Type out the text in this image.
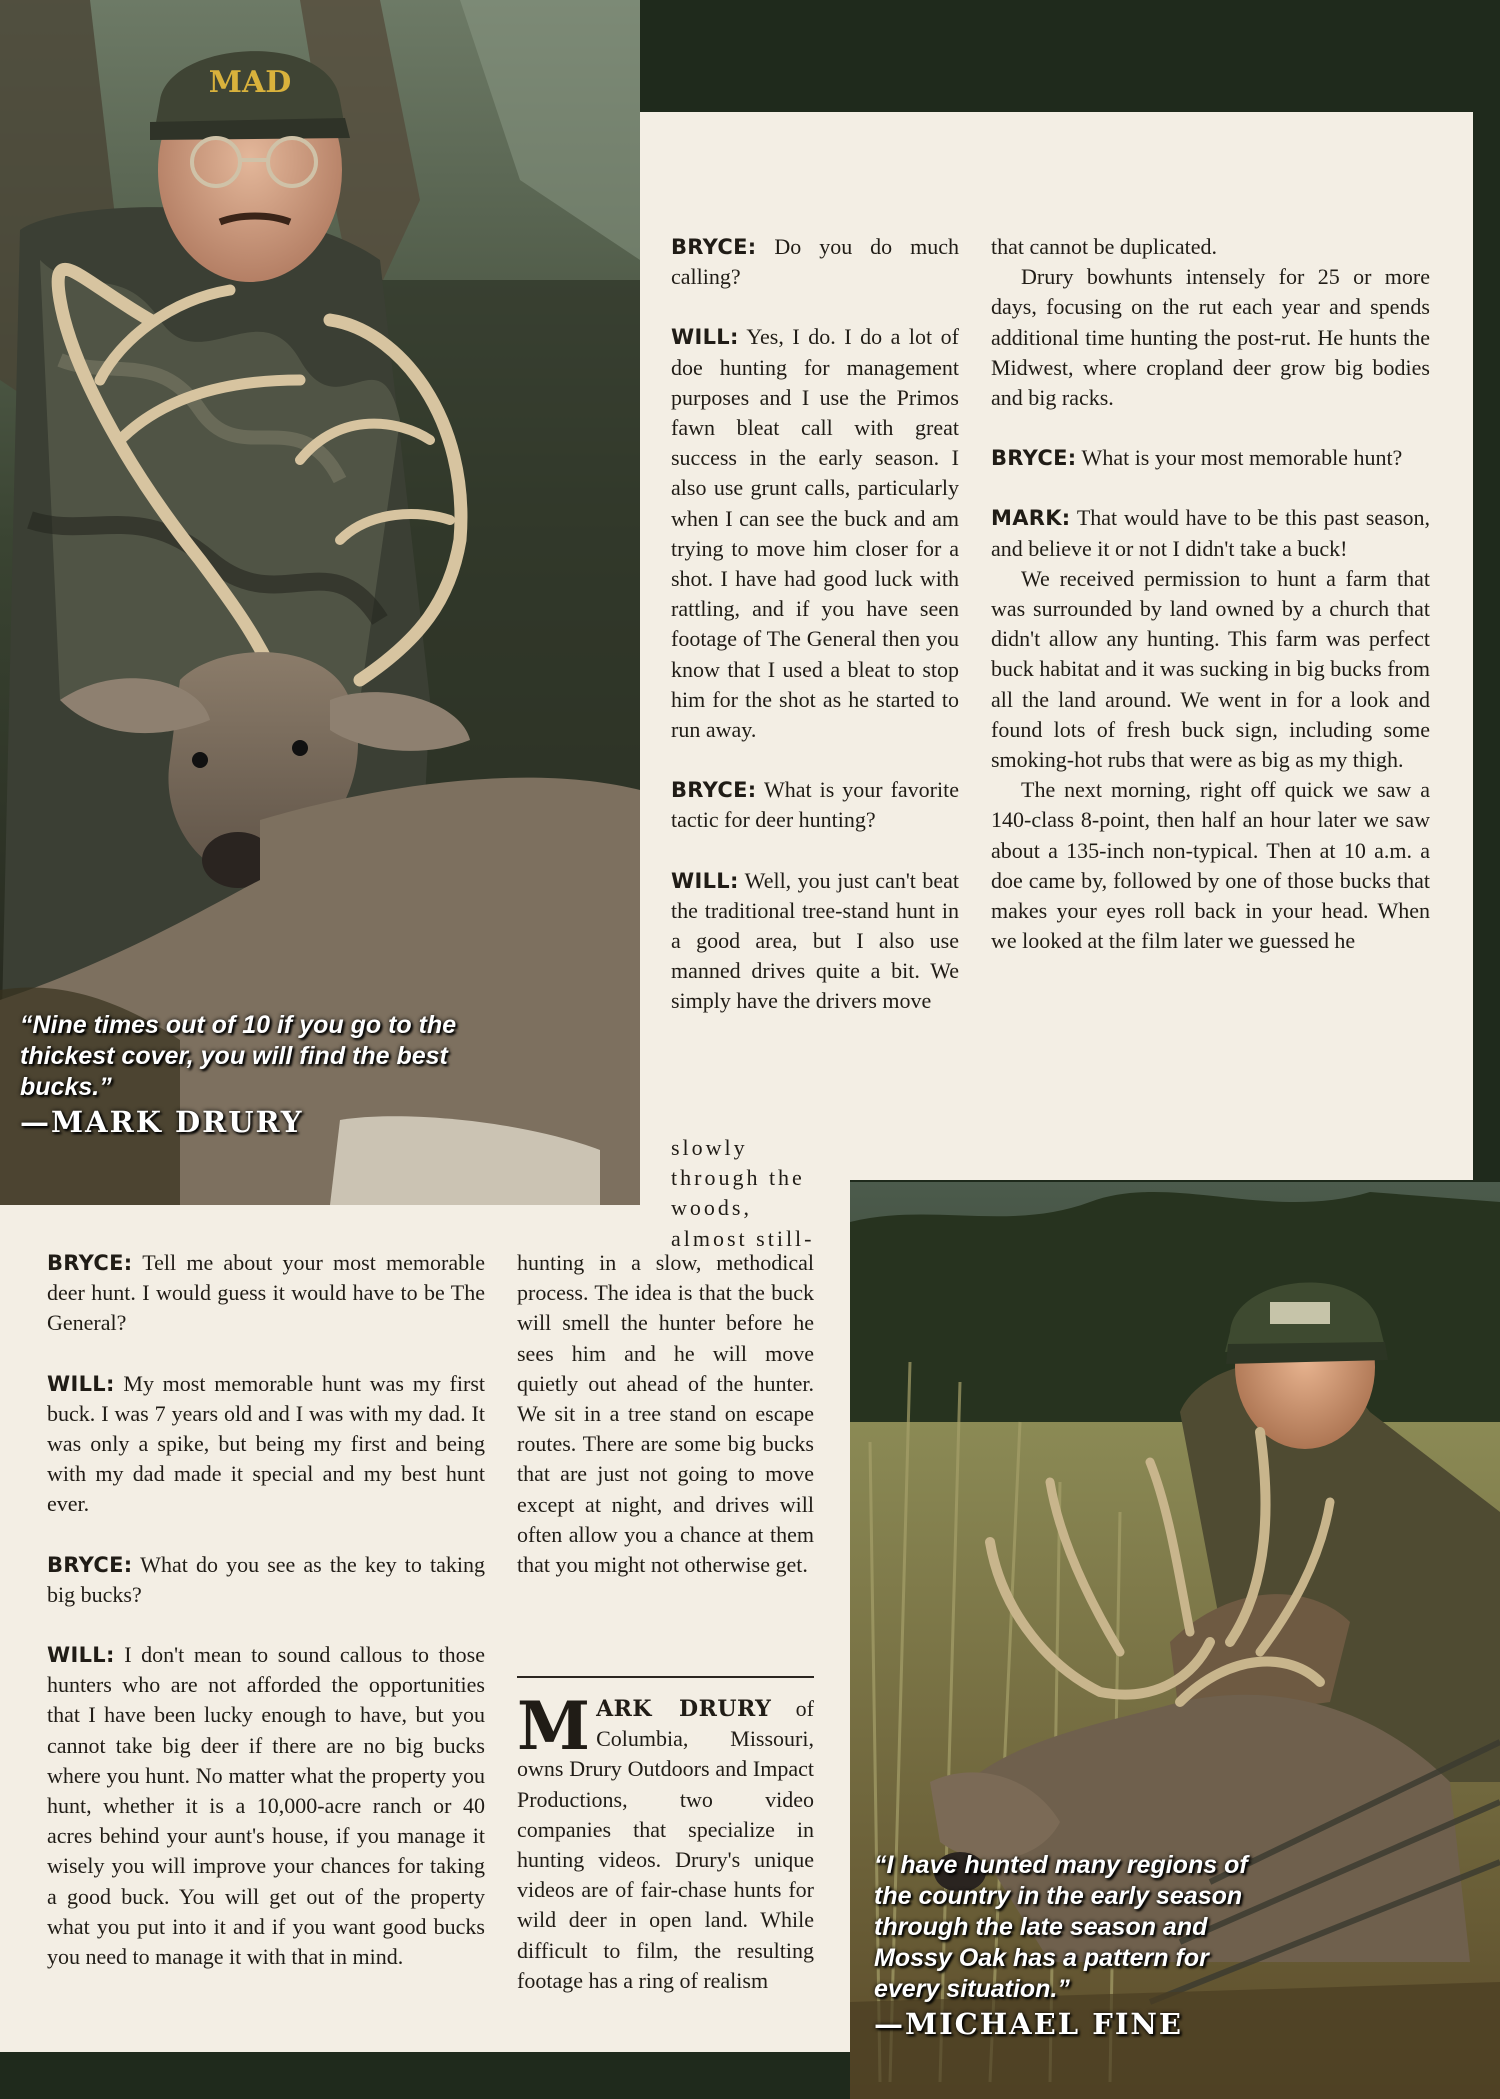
MAD
“Nine times out of 10 if you go to the thickest cover, you will find the best bucks.”
—MARK DRURY

BRYCE: Do you do much calling?

WILL: Yes, I do. I do a lot of doe hunting for management purposes and I use the Primos fawn bleat call with great success in the early season. I also use grunt calls, particularly when I can see the buck and am trying to move him closer for a shot. I have had good luck with rattling, and if you have seen footage of The General then you know that I used a bleat to stop him for the shot as he started to run away.

BRYCE: What is your favorite tactic for deer hunting?

WILL: Well, you just can't beat the traditional tree-stand hunt in a good area, but I also use manned drives quite a bit. We simply have the drivers move

slowly through the woods, almost still-

that cannot be duplicated.

Drury bowhunts intensely for 25 or more days, focusing on the rut each year and spends additional time hunting the post-rut. He hunts the Midwest, where cropland deer grow big bodies and big racks.

BRYCE: What is your most memorable hunt?

MARK: That would have to be this past season, and believe it or not I didn't take a buck!

We received permission to hunt a farm that was surrounded by land owned by a church that didn't allow any hunting. This farm was perfect buck habitat and it was sucking in big bucks from all the land around. We went in for a look and found lots of fresh buck sign, including some smoking-hot rubs that were as big as my thigh.

The next morning, right off quick we saw a 140-class 8-point, then half an hour later we saw about a 135-inch non-typical. Then at 10 a.m. a doe came by, followed by one of those bucks that makes your eyes roll back in your head. When we looked at the film later we guessed he

BRYCE: Tell me about your most memorable deer hunt. I would guess it would have to be The General?

WILL: My most memorable hunt was my first buck. I was 7 years old and I was with my dad. It was only a spike, but being my first and being with my dad made it special and my best hunt ever.

BRYCE: What do you see as the key to taking big bucks?

WILL: I don't mean to sound callous to those hunters who are not afforded the opportunities that I have been lucky enough to have, but you cannot take big deer if there are no big bucks where you hunt. No matter what the property you hunt, whether it is a 10,000-acre ranch or 40 acres behind your aunt's house, if you manage it wisely you will improve your chances for taking a good buck. You will get out of the property what you put into it and if you want good bucks you need to manage it with that in mind.

hunting in a slow, methodical process. The idea is that the buck will smell the hunter before he sees him and he will move quietly out ahead of the hunter. We sit in a tree stand on escape routes. There are some big bucks that are just not going to move except at night, and drives will often allow you a chance at them that you might not otherwise get.

MARK DRURY of Columbia, Missouri, owns Drury Outdoors and Impact Productions, two video companies that specialize in hunting videos. Drury's unique videos are of fair-chase hunts for wild deer in open land. While difficult to film, the resulting footage has a ring of realism

“I have hunted many regions of the country in the early season through the late season and Mossy Oak has a pattern for every situation.”
—MICHAEL FINE
